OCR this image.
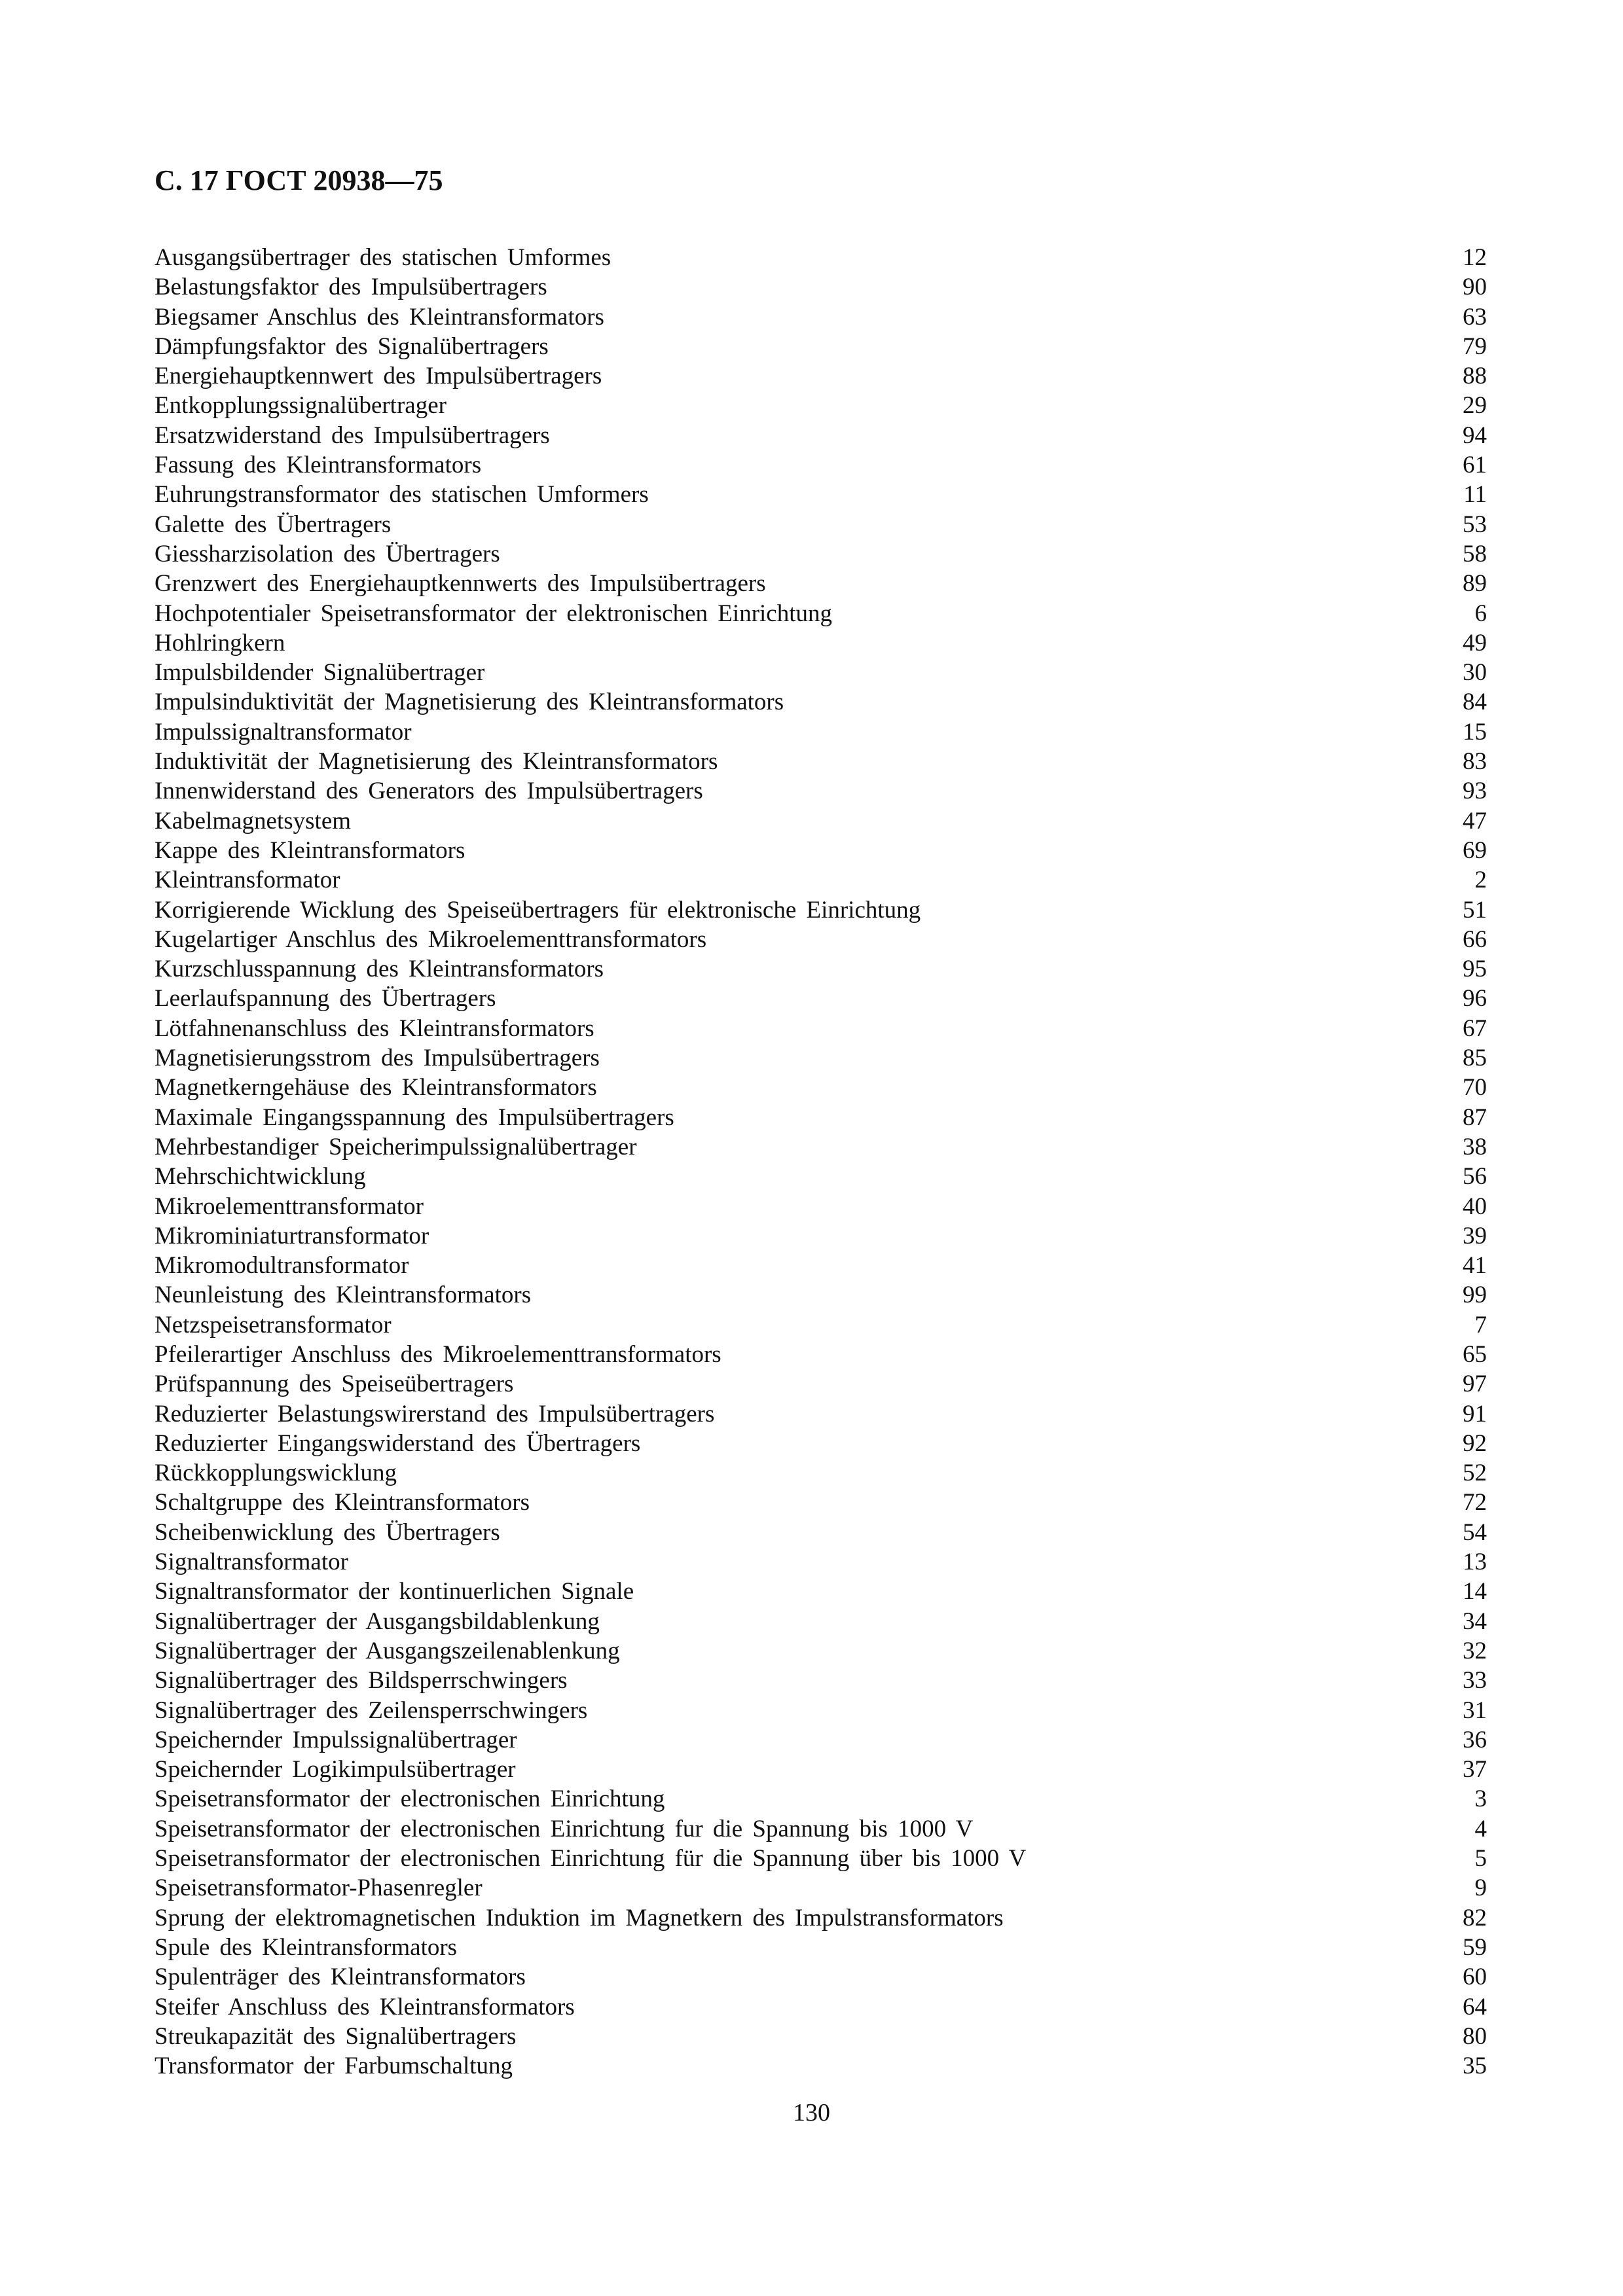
С. 17 ГОСТ 20938—75
Ausgangsübertrager des statischen Umformes	12
Belastungsfaktor des Impulsübertragers	90
Biegsamer Anschlus des Kleintransformators	63
Dämpfungsfaktor des Signalübertragers	79
Energiehauptkennwert des Impulsübertragers	88
Entkopplungssignalübertrager	29
Ersatzwiderstand des Impulsübertragers	94
Fassung des Kleintransformators	61
Euhrungstransformator des statischen Umformers	11
Galette des Übertragers	53
Giessharzisolation des Übertragers	58
Grenzwert des Energiehauptkennwerts des Impulsübertragers	89
Hochpotentialer Speisetransformator der elektronischen Einrichtung	6
Hohlringkern	49
Impulsbildender Signalübertrager	30
Impulsinduktivität der Magnetisierung des Kleintransformators	84
Impulssignaltransformator	15
Induktivität der Magnetisierung des Kleintransformators	83
Innenwiderstand des Generators des Impulsübertragers	93
Kabelmagnetsystem	47
Kappe des Kleintransformators	69
Kleintransformator	2
Korrigierende Wicklung des Speiseübertragers für elektronische Einrichtung	51
Kugelartiger Anschlus des Mikroelementtransformators	66
Kurzschlusspannung des Kleintransformators	95
Leerlaufspannung des Übertragers	96
Lötfahnenanschluss des Kleintransformators	67
Magnetisierungsstrom des Impulsübertragers	85
Magnetkerngehäuse des Kleintransformators	70
Maximale Eingangsspannung des Impulsübertragers	87
Mehrbestandiger Speicherimpulssignalübertrager	38
Mehrschichtwicklung	56
Mikroelementtransformator	40
Mikrominiaturtransformator	39
Mikromodultransformator	41
Neunleistung des Kleintransformators	99
Netzspeisetransformator	7
Pfeilerartiger Anschluss des Mikroelementtransformators	65
Prüfspannung des Speiseübertragers	97
Reduzierter Belastungswirerstand des Impulsübertragers	91
Reduzierter Eingangswiderstand des Übertragers	92
Rückkopplungswicklung	52
Schaltgruppe des Kleintransformators	72
Scheibenwicklung des Übertragers	54
Signaltransformator	13
Signaltransformator der kontinuerlichen Signale	14
Signalübertrager der Ausgangsbildablenkung	34
Signalübertrager der Ausgangszeilenablenkung	32
Signalübertrager des Bildsperrschwingers	33
Signalübertrager des Zeilensperrschwingers	31
Speichernder Impulssignalübertrager	36
Speichernder Logikimpulsübertrager	37
Speisetransformator der electronischen Einrichtung	3
Speisetransformator der electronischen Einrichtung fur die Spannung bis 1000 V	4
Speisetransformator der electronischen Einrichtung für die Spannung über bis 1000 V	5
Speisetransformator-Phasenregler	9
Sprung der elektromagnetischen Induktion im Magnetkern des Impulstransformators	82
Spule des Kleintransformators	59
Spulenträger des Kleintransformators	60
Steifer Anschluss des Kleintransformators	64
Streukapazität des Signalübertragers	80
Transformator der Farbumschaltung	35
130
